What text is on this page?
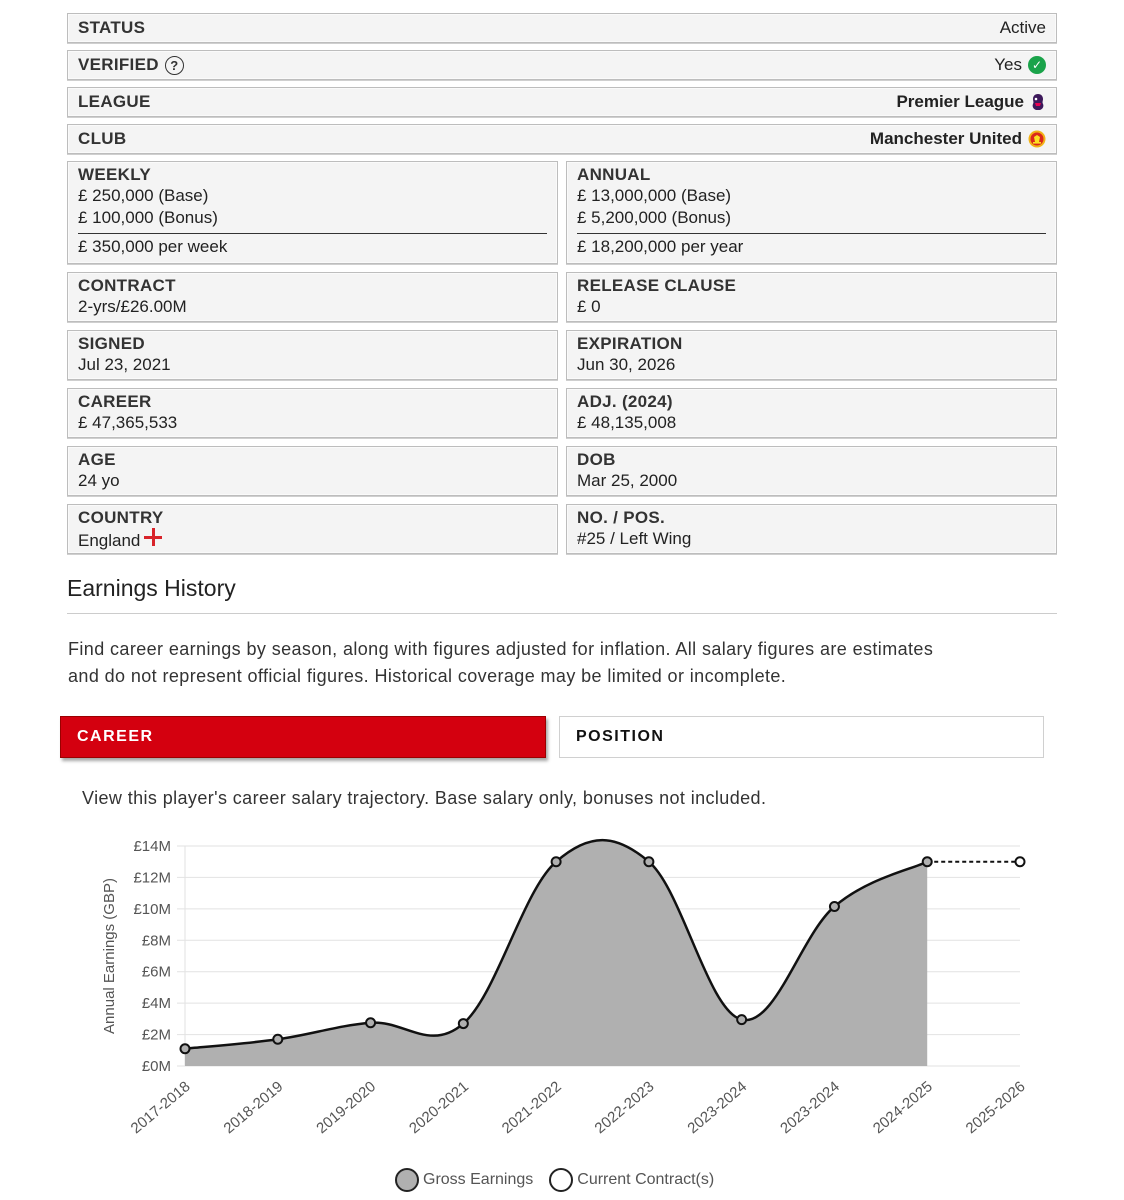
STATUS	Active
VERIFIED ?	Yes ✓
LEAGUE	Premier League
CLUB	Manchester United
WEEKLY
£ 250,000 (Base)
£ 100,000 (Bonus)
£ 350,000 per week
ANNUAL
£ 13,000,000 (Base)
£ 5,200,000 (Bonus)
£ 18,200,000 per year
CONTRACT
2-yrs/£26.00M
RELEASE CLAUSE
£ 0
SIGNED
Jul 23, 2021
EXPIRATION
Jun 30, 2026
CAREER
£ 47,365,533
ADJ. (2024)
£ 48,135,008
AGE
24 yo
DOB
Mar 25, 2000
COUNTRY
England
NO. / POS.
#25 / Left Wing
Earnings History
Find career earnings by season, along with figures adjusted for inflation. All salary figures are estimates and do not represent official figures. Historical coverage may be limited or incomplete.
CAREER	POSITION
View this player's career salary trajectory. Base salary only, bonuses not included.
£0M
£2M
£4M
£6M
£8M
£10M
£12M
£14M
Annual Earnings (GBP)
2017-2018 2018-2019 2019-2020 2020-2021 2021-2022 2022-2023 2023-2024 2023-2024 2024-2025 2025-2026
Gross Earnings	Current Contract(s)
